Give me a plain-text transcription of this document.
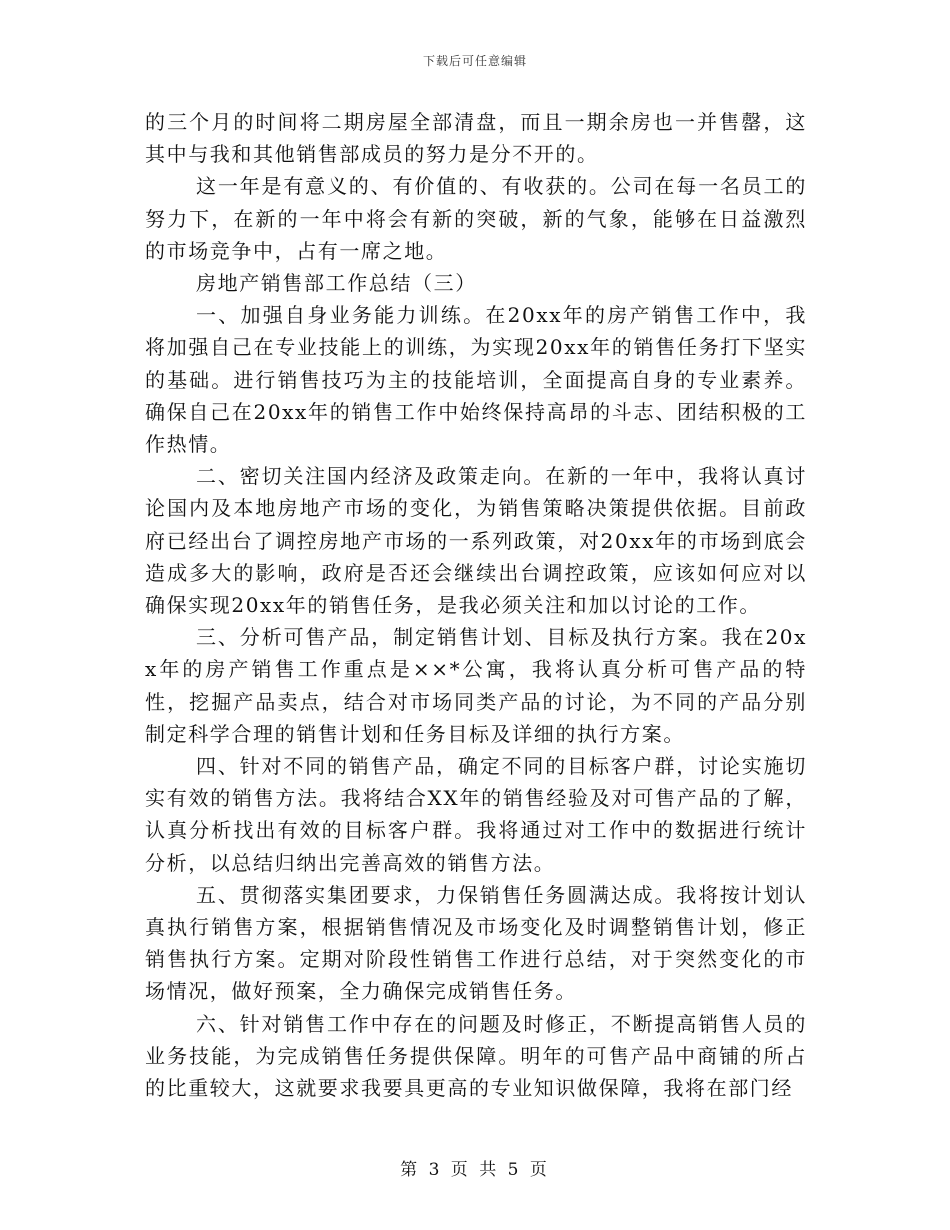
下载后可任意编辑

的三个月的时间将二期房屋全部清盘，而且一期余房也一并售罄，这其中与我和其他销售部成员的努力是分不开的。

这一年是有意义的、有价值的、有收获的。公司在每一名员工的努力下，在新的一年中将会有新的突破，新的气象，能够在日益激烈的市场竞争中，占有一席之地。

房地产销售部工作总结（三）

一、加强自身业务能力训练。在20xx年的房产销售工作中，我将加强自己在专业技能上的训练，为实现20xx年的销售任务打下坚实的基础。进行销售技巧为主的技能培训，全面提高自身的专业素养。确保自己在20xx年的销售工作中始终保持高昂的斗志、团结积极的工作热情。

二、密切关注国内经济及政策走向。在新的一年中，我将认真讨论国内及本地房地产市场的变化，为销售策略决策提供依据。目前政府已经出台了调控房地产市场的一系列政策，对20xx年的市场到底会造成多大的影响，政府是否还会继续出台调控政策，应该如何应对以确保实现20xx年的销售任务，是我必须关注和加以讨论的工作。

三、分析可售产品，制定销售计划、目标及执行方案。我在20xx年的房产销售工作重点是××*公寓，我将认真分析可售产品的特性，挖掘产品卖点，结合对市场同类产品的讨论，为不同的产品分别制定科学合理的销售计划和任务目标及详细的执行方案。

四、针对不同的销售产品，确定不同的目标客户群，讨论实施切实有效的销售方法。我将结合XX年的销售经验及对可售产品的了解，认真分析找出有效的目标客户群。我将通过对工作中的数据进行统计分析，以总结归纳出完善高效的销售方法。

五、贯彻落实集团要求，力保销售任务圆满达成。我将按计划认真执行销售方案，根据销售情况及市场变化及时调整销售计划，修正销售执行方案。定期对阶段性销售工作进行总结，对于突然变化的市场情况，做好预案，全力确保完成销售任务。

六、针对销售工作中存在的问题及时修正，不断提高销售人员的业务技能，为完成销售任务提供保障。明年的可售产品中商铺的所占的比重较大，这就要求我要具更高的专业知识做保障，我将在部门经

第 3 页 共 5 页
